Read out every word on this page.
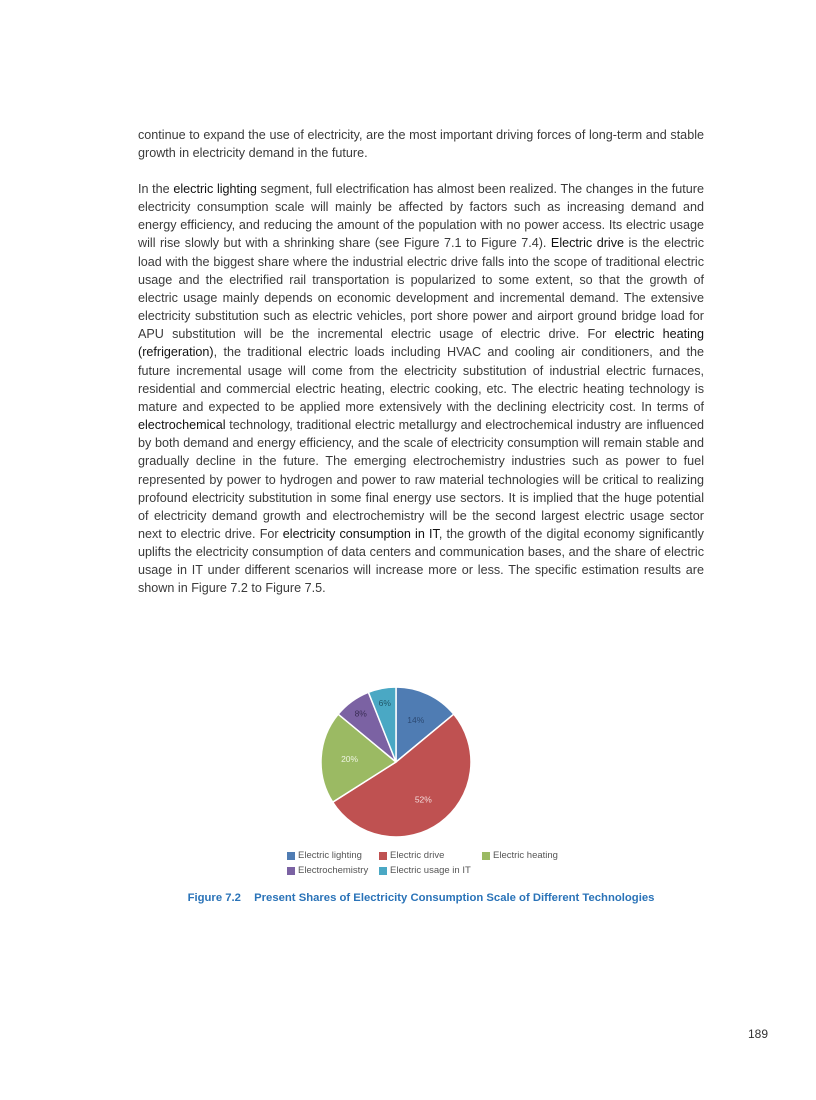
continue to expand the use of electricity, are the most important driving forces of long-term and stable growth in electricity demand in the future.

In the electric lighting segment, full electrification has almost been realized. The changes in the future electricity consumption scale will mainly be affected by factors such as increasing demand and energy efficiency, and reducing the amount of the population with no power access. Its electric usage will rise slowly but with a shrinking share (see Figure 7.1 to Figure 7.4). Electric drive is the electric load with the biggest share where the industrial electric drive falls into the scope of traditional electric usage and the electrified rail transportation is popularized to some extent, so that the growth of electric usage mainly depends on economic development and incremental demand. The extensive electricity substitution such as electric vehicles, port shore power and airport ground bridge load for APU substitution will be the incremental electric usage of electric drive. For electric heating (refrigeration), the traditional electric loads including HVAC and cooling air conditioners, and the future incremental usage will come from the electricity substitution of industrial electric furnaces, residential and commercial electric heating, electric cooking, etc. The electric heating technology is mature and expected to be applied more extensively with the declining electricity cost. In terms of electrochemical technology, traditional electric metallurgy and electrochemical industry are influenced by both demand and energy efficiency, and the scale of electricity consumption will remain stable and gradually decline in the future. The emerging electrochemistry industries such as power to fuel represented by power to hydrogen and power to raw material technologies will be critical to realizing profound electricity substitution in some final energy use sectors. It is implied that the huge potential of electricity demand growth and electrochemistry will be the second largest electric usage sector next to electric drive. For electricity consumption in IT, the growth of the digital economy significantly uplifts the electricity consumption of data centers and communication bases, and the share of electric usage in IT under different scenarios will increase more or less. The specific estimation results are shown in Figure 7.2 to Figure 7.5.

14%
52%
20%
8%
6%
Electric lighting	Electric drive	Electric heating
Electrochemistry Electric usage in IT
Figure 7.2 Present Shares of Electricity Consumption Scale of Different Technologies
189
